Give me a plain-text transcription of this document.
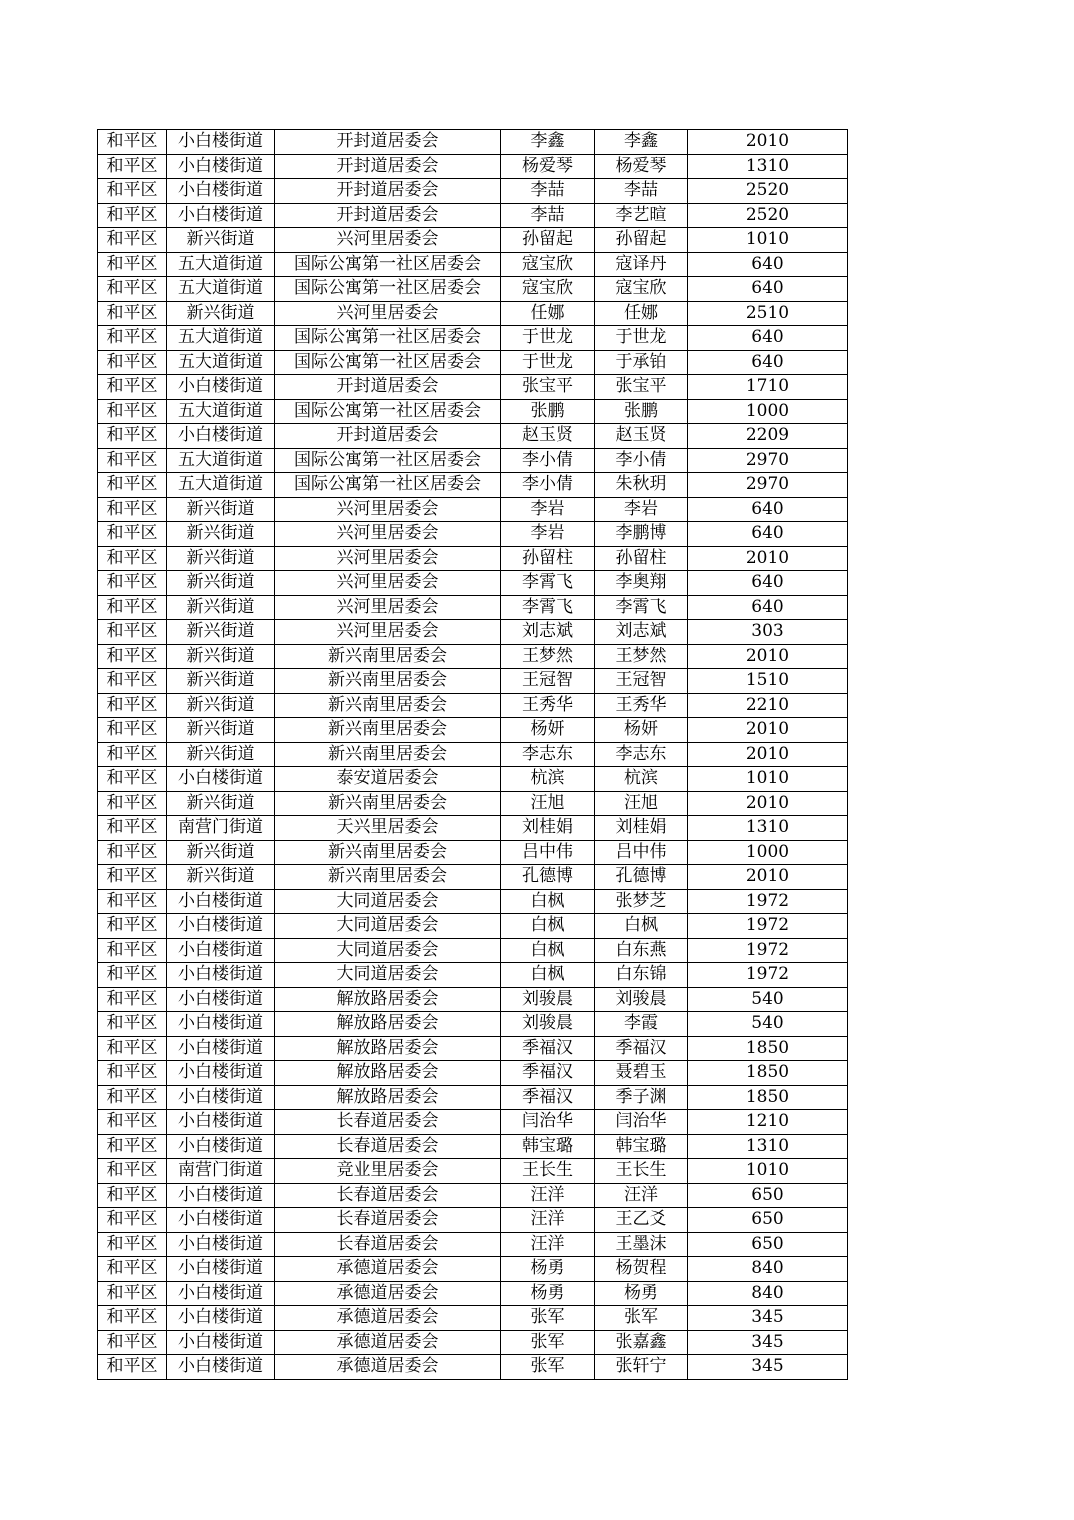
和平区	小白楼街道	开封道居委会	李鑫	李鑫	2010
和平区	小白楼街道	开封道居委会	杨爱琴	杨爱琴	1310
和平区	小白楼街道	开封道居委会	李喆	李喆	2520
和平区	小白楼街道	开封道居委会	李喆	李艺暄	2520
和平区	新兴街道	兴河里居委会	孙留起	孙留起	1010
和平区	五大道街道	国际公寓第一社区居委会	寇宝欣	寇译丹	640
和平区	五大道街道	国际公寓第一社区居委会	寇宝欣	寇宝欣	640
和平区	新兴街道	兴河里居委会	任娜	任娜	2510
和平区	五大道街道	国际公寓第一社区居委会	于世龙	于世龙	640
和平区	五大道街道	国际公寓第一社区居委会	于世龙	于承铂	640
和平区	小白楼街道	开封道居委会	张宝平	张宝平	1710
和平区	五大道街道	国际公寓第一社区居委会	张鹏	张鹏	1000
和平区	小白楼街道	开封道居委会	赵玉贤	赵玉贤	2209
和平区	五大道街道	国际公寓第一社区居委会	李小倩	李小倩	2970
和平区	五大道街道	国际公寓第一社区居委会	李小倩	朱秋玥	2970
和平区	新兴街道	兴河里居委会	李岩	李岩	640
和平区	新兴街道	兴河里居委会	李岩	李鹏博	640
和平区	新兴街道	兴河里居委会	孙留柱	孙留柱	2010
和平区	新兴街道	兴河里居委会	李霄飞	李奥翔	640
和平区	新兴街道	兴河里居委会	李霄飞	李霄飞	640
和平区	新兴街道	兴河里居委会	刘志斌	刘志斌	303
和平区	新兴街道	新兴南里居委会	王梦然	王梦然	2010
和平区	新兴街道	新兴南里居委会	王冠智	王冠智	1510
和平区	新兴街道	新兴南里居委会	王秀华	王秀华	2210
和平区	新兴街道	新兴南里居委会	杨妍	杨妍	2010
和平区	新兴街道	新兴南里居委会	李志东	李志东	2010
和平区	小白楼街道	泰安道居委会	杭滨	杭滨	1010
和平区	新兴街道	新兴南里居委会	汪旭	汪旭	2010
和平区	南营门街道	天兴里居委会	刘桂娟	刘桂娟	1310
和平区	新兴街道	新兴南里居委会	吕中伟	吕中伟	1000
和平区	新兴街道	新兴南里居委会	孔德博	孔德博	2010
和平区	小白楼街道	大同道居委会	白枫	张梦芝	1972
和平区	小白楼街道	大同道居委会	白枫	白枫	1972
和平区	小白楼街道	大同道居委会	白枫	白东燕	1972
和平区	小白楼街道	大同道居委会	白枫	白东锦	1972
和平区	小白楼街道	解放路居委会	刘骏晨	刘骏晨	540
和平区	小白楼街道	解放路居委会	刘骏晨	李霞	540
和平区	小白楼街道	解放路居委会	季福汉	季福汉	1850
和平区	小白楼街道	解放路居委会	季福汉	聂碧玉	1850
和平区	小白楼街道	解放路居委会	季福汉	季子渊	1850
和平区	小白楼街道	长春道居委会	闫治华	闫治华	1210
和平区	小白楼街道	长春道居委会	韩宝璐	韩宝璐	1310
和平区	南营门街道	竞业里居委会	王长生	王长生	1010
和平区	小白楼街道	长春道居委会	汪洋	汪洋	650
和平区	小白楼街道	长春道居委会	汪洋	王乙爻	650
和平区	小白楼街道	长春道居委会	汪洋	王墨沫	650
和平区	小白楼街道	承德道居委会	杨勇	杨贺程	840
和平区	小白楼街道	承德道居委会	杨勇	杨勇	840
和平区	小白楼街道	承德道居委会	张军	张军	345
和平区	小白楼街道	承德道居委会	张军	张嘉鑫	345
和平区	小白楼街道	承德道居委会	张军	张轩宁	345
